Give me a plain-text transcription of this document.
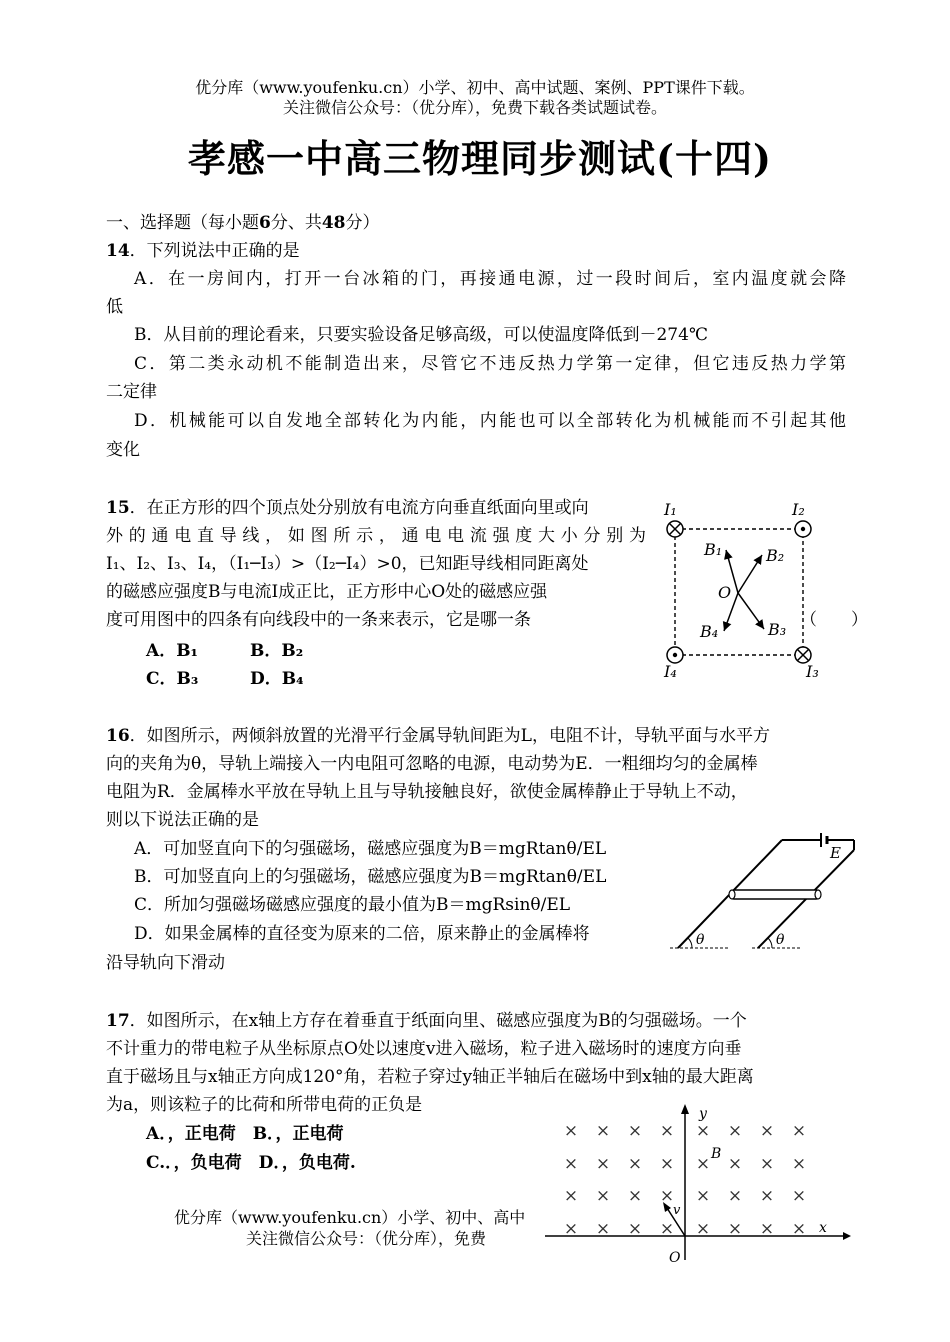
优分库（www.youfenku.cn）小学、初中、高中试题、案例、PPT课件下载。
关注微信公众号：（优分库），免费下载各类试题试卷。
孝感一中高三物理同步测试(十四)
一、选择题（每小题6分、共48分）
14．下列说法中正确的是
A．在一房间内，打开一台冰箱的门，再接通电源，过一段时间后，室内温度就会降
低
B．从目前的理论看来，只要实验设备足够高级，可以使温度降低到－274℃
C．第二类永动机不能制造出来，尽管它不违反热力学第一定律，但它违反热力学第
二定律
D．机械能可以自发地全部转化为内能，内能也可以全部转化为机械能而不引起其他
变化
15．在正方形的四个顶点处分别放有电流方向垂直纸面向里或向
外的通电直导线，如图所示，通电电流强度大小分别为
I₁、I₂、I₃、I₄，（I₁─I₃）>（I₂─I₄）>0，已知距导线相同距离处
的磁感应强度B与电流I成正比，正方形中心O处的磁感应强
度可用图中的四条有向线段中的一条来表示，它是哪一条	（　　）
A．B₁	B．B₂
C．B₃	D．B₄
I₁	I₂
I₄	I₃
B₁	B₂
B₃
B₄
O
16．如图所示，两倾斜放置的光滑平行金属导轨间距为L，电阻不计，导轨平面与水平方
向的夹角为θ，导轨上端接入一内电阻可忽略的电源，电动势为E．一粗细均匀的金属棒
电阻为R．金属棒水平放在导轨上且与导轨接触良好，欲使金属棒静止于导轨上不动，
则以下说法正确的是
A．可加竖直向下的匀强磁场，磁感应强度为B＝mgRtanθ/EL
B．可加竖直向上的匀强磁场，磁感应强度为B＝mgRtanθ/EL
C．所加匀强磁场磁感应强度的最小值为B＝mgRsinθ/EL
D．如果金属棒的直径变为原来的二倍，原来静止的金属棒将
沿导轨向下滑动
E
θ	θ
17．如图所示，在x轴上方存在着垂直于纸面向里、磁感应强度为B的匀强磁场。一个
不计重力的带电粒子从坐标原点O处以速度v进入磁场，粒子进入磁场时的速度方向垂
直于磁场且与x轴正方向成120°角，若粒子穿过y轴正半轴后在磁场中到x轴的最大距离
为a，则该粒子的比荷和所带电荷的正负是
A．，正电荷　B．，正电荷
C.．，负电荷　D．，负电荷.
优分库（www.youfenku.cn）小学、初中、高中
关注微信公众号：（优分库），免费
× × × × × × × ×
× × × × × × × ×
× × × × × × × ×
× × × × × × × ×
y
x
B
v
O
